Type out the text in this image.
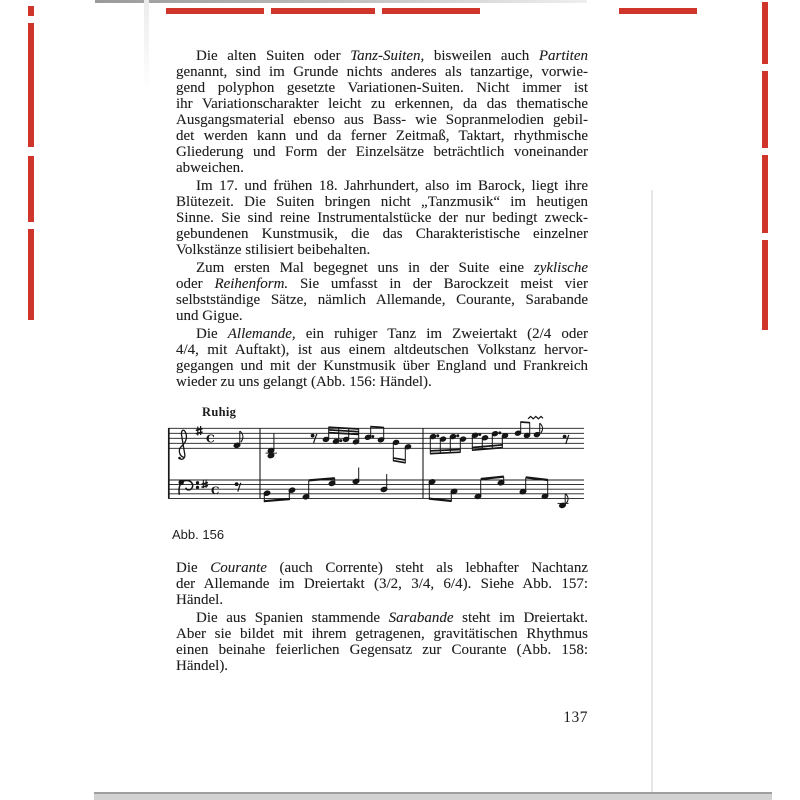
Die alten Suiten oder Tanz-Suiten, bisweilen auch Partiten
genannt, sind im Grunde nichts anderes als tanzartige, vorwie-
gend polyphon gesetzte Variationen-Suiten. Nicht immer ist
ihr Variationscharakter leicht zu erkennen, da das thematische
Ausgangsmaterial ebenso aus Bass- wie Sopranmelodien gebil-
det werden kann und da ferner Zeitmaß, Taktart, rhythmische
Gliederung und Form der Einzelsätze beträchtlich voneinander
abweichen.
Im 17. und frühen 18. Jahrhundert, also im Barock, liegt ihre
Blütezeit. Die Suiten bringen nicht „Tanzmusik“ im heutigen
Sinne. Sie sind reine Instrumentalstücke der nur bedingt zweck-
gebundenen Kunstmusik, die das Charakteristische einzelner
Volkstänze stilisiert beibehalten.
Zum ersten Mal begegnet uns in der Suite eine zyklische
oder Reihenform. Sie umfasst in der Barockzeit meist vier
selbstständige Sätze, nämlich Allemande, Courante, Sarabande
und Gigue.
Die Allemande, ein ruhiger Tanz im Zweiertakt (2/4 oder
4/4, mit Auftakt), ist aus einem altdeutschen Volkstanz hervor-
gegangen und mit der Kunstmusik über England und Frankreich
wieder zu uns gelangt (Abb. 156: Händel).
Ruhig
C
C
Abb. 156
Die Courante (auch Corrente) steht als lebhafter Nachtanz
der Allemande im Dreiertakt (3/2, 3/4, 6/4). Siehe Abb. 157:
Händel.
Die aus Spanien stammende Sarabande steht im Dreiertakt.
Aber sie bildet mit ihrem getragenen, gravitätischen Rhythmus
einen beinahe feierlichen Gegensatz zur Courante (Abb. 158:
Händel).
137
